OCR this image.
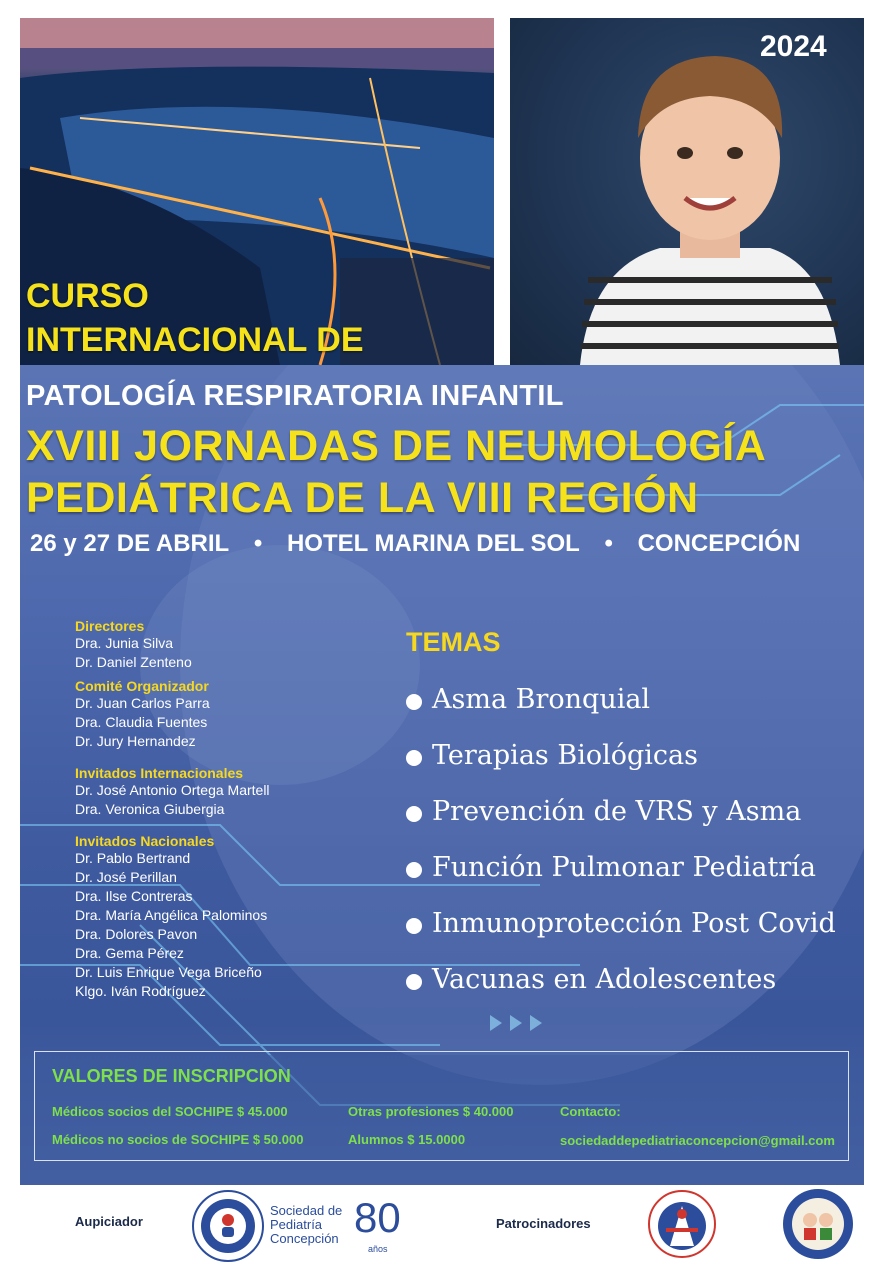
2024
CURSO
INTERNACIONAL DE
PATOLOGÍA RESPIRATORIA INFANTIL
XVIII JORNADAS DE NEUMOLOGÍA
PEDIÁTRICA DE LA VIII REGIÓN
26 y 27 DE ABRIL • HOTEL MARINA DEL SOL • CONCEPCIÓN
Directores
Dra. Junia Silva
Dr. Daniel Zenteno
Comité Organizador
Dr. Juan Carlos Parra
Dra. Claudia Fuentes
Dr. Jury Hernandez
Invitados Internacionales
Dr. José Antonio Ortega Martell
Dra. Veronica Giubergia
Invitados Nacionales
Dr. Pablo Bertrand
Dr. José Perillan
Dra. Ilse Contreras
Dra. María Angélica Palominos
Dra. Dolores Pavon
Dra. Gema Pérez
Dr. Luis Enrique Vega Briceño
Klgo. Iván Rodríguez
TEMAS
Asma Bronquial
Terapias Biológicas
Prevención de VRS y Asma
Función Pulmonar Pediatría
Inmunoprotección Post Covid
Vacunas en Adolescentes
VALORES DE INSCRIPCION
Médicos socios del SOCHIPE $ 45.000
Médicos no socios de SOCHIPE $ 50.000
Otras profesiones $ 40.000
Alumnos $ 15.0000
Contacto:
sociedaddepediatriaconcepcion@gmail.com
Aupiciador
Sociedad de Pediatría Concepción 80
años
Patrocinadores
